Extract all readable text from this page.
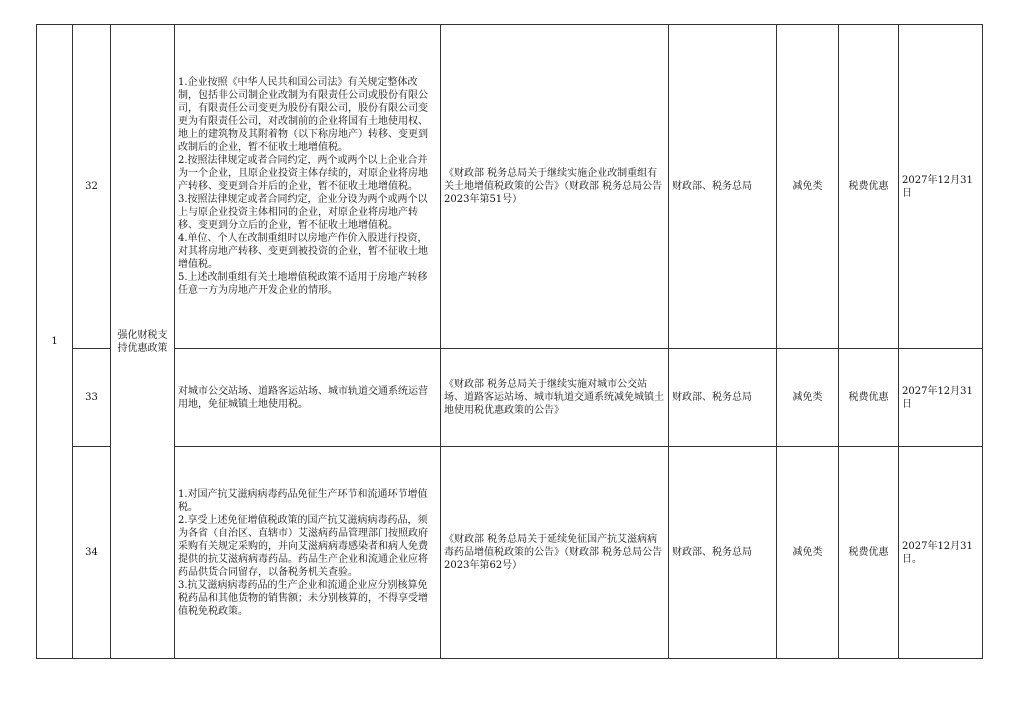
1	32	强化财税支持优惠政策	1.企业按照《中华人民共和国公司法》有关规定整体改制，包括非公司制企业改制为有限责任公司或股份有限公司，有限责任公司变更为股份有限公司，股份有限公司变更为有限责任公司，对改制前的企业将国有土地使用权、地上的建筑物及其附着物（以下称房地产）转移、变更到改制后的企业，暂不征收土地增值税。
2.按照法律规定或者合同约定，两个或两个以上企业合并为一个企业，且原企业投资主体存续的，对原企业将房地产转移、变更到合并后的企业，暂不征收土地增值税。
3.按照法律规定或者合同约定，企业分设为两个或两个以上与原企业投资主体相同的企业，对原企业将房地产转移、变更到分立后的企业，暂不征收土地增值税。
4.单位、个人在改制重组时以房地产作价入股进行投资，对其将房地产转移、变更到被投资的企业，暂不征收土地增值税。
5.上述改制重组有关土地增值税政策不适用于房地产转移任意一方为房地产开发企业的情形。	《财政部 税务总局关于继续实施企业改制重组有关土地增值税政策的公告》（财政部 税务总局公告2023年第51号）	财政部、税务总局	减免类	税费优惠	2027年12月31日
	33		对城市公交站场、道路客运站场、城市轨道交通系统运营用地，免征城镇土地使用税。	《财政部 税务总局关于继续实施对城市公交站场、道路客运站场、城市轨道交通系统减免城镇土地使用税优惠政策的公告》	财政部、税务总局	减免类	税费优惠	2027年12月31日
	34		1.对国产抗艾滋病病毒药品免征生产环节和流通环节增值税。
2.享受上述免征增值税政策的国产抗艾滋病病毒药品，须为各省（自治区、直辖市）艾滋病药品管理部门按照政府采购有关规定采购的，并向艾滋病病毒感染者和病人免费提供的抗艾滋病病毒药品。药品生产企业和流通企业应将药品供货合同留存，以备税务机关查验。
3.抗艾滋病病毒药品的生产企业和流通企业应分别核算免税药品和其他货物的销售额；未分别核算的，不得享受增值税免税政策。	《财政部 税务总局关于延续免征国产抗艾滋病病毒药品增值税政策的公告》（财政部 税务总局公告2023年第62号）	财政部、税务总局	减免类	税费优惠	2027年12月31日。
